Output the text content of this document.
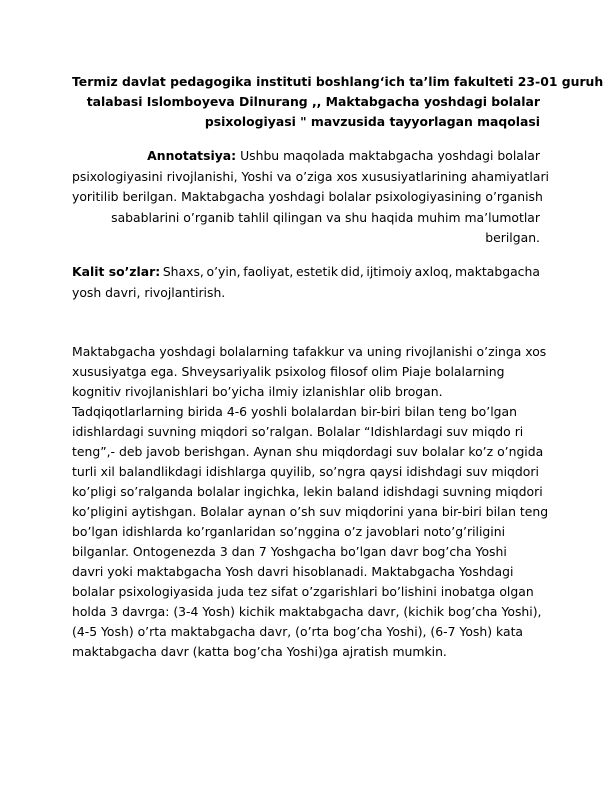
Termiz davlat pedagogika instituti boshlang‘ich ta’lim fakulteti 23-01 guruh
talabasi Islomboyeva Dilnurang ,, Maktabgacha yoshdagi bolalar
psixologiyasi " mavzusida tayyorlagan maqolasi
Annotatsiya: Ushbu maqolada maktabgacha yoshdagi bolalar
psixologiyasini rivojlanishi, Yoshi va o’ziga xos xususiyatlarining ahamiyatlari
yoritilib berilgan. Maktabgacha yoshdagi bolalar psixologiyasining o’rganish
sabablarini o’rganib tahlil qilingan va shu haqida muhim ma’lumotlar
berilgan.
Kalit so’zlar: Shaxs, o’yin, faoliyat, estetik did, ijtimoiy axloq, maktabgacha
yosh davri, rivojlantirish.
Maktabgacha yoshdagi bolalarning tafakkur va uning rivojlanishi o’zinga xos
xususiyatga ega. Shveysariyalik psixolog filosof olim Piaje bolalarning
kognitiv rivojlanishlari bo’yicha ilmiy izlanishlar olib brogan.
Tadqiqotlarlarning birida 4-6 yoshli bolalardan bir-biri bilan teng bo’lgan
idishlardagi suvning miqdori so’ralgan. Bolalar “Idishlardagi suv miqdo ri
teng”,- deb javob berishgan. Aynan shu miqdordagi suv bolalar ko’z o’ngida
turli xil balandlikdagi idishlarga quyilib, so’ngra qaysi idishdagi suv miqdori
ko’pligi so’ralganda bolalar ingichka, lekin baland idishdagi suvning miqdori
ko’pligini aytishgan. Bolalar aynan o’sh suv miqdorini yana bir-biri bilan teng
bo’lgan idishlarda ko’rganlaridan so’nggina o’z javoblari noto’g’riligini
bilganlar. Ontogenezda 3 dan 7 Yoshgacha bo’lgan davr bog’cha Yoshi
davri yoki maktabgacha Yosh davri hisoblanadi. Maktabgacha Yoshdagi
bolalar psixologiyasida juda tez sifat o’zgarishlari bo’lishini inobatga olgan
holda 3 davrga: (3-4 Yosh) kichik maktabgacha davr, (kichik bog’cha Yoshi),
(4-5 Yosh) o’rta maktabgacha davr, (o’rta bog’cha Yoshi), (6-7 Yosh) kata
maktabgacha davr (katta bog’cha Yoshi)ga ajratish mumkin.
